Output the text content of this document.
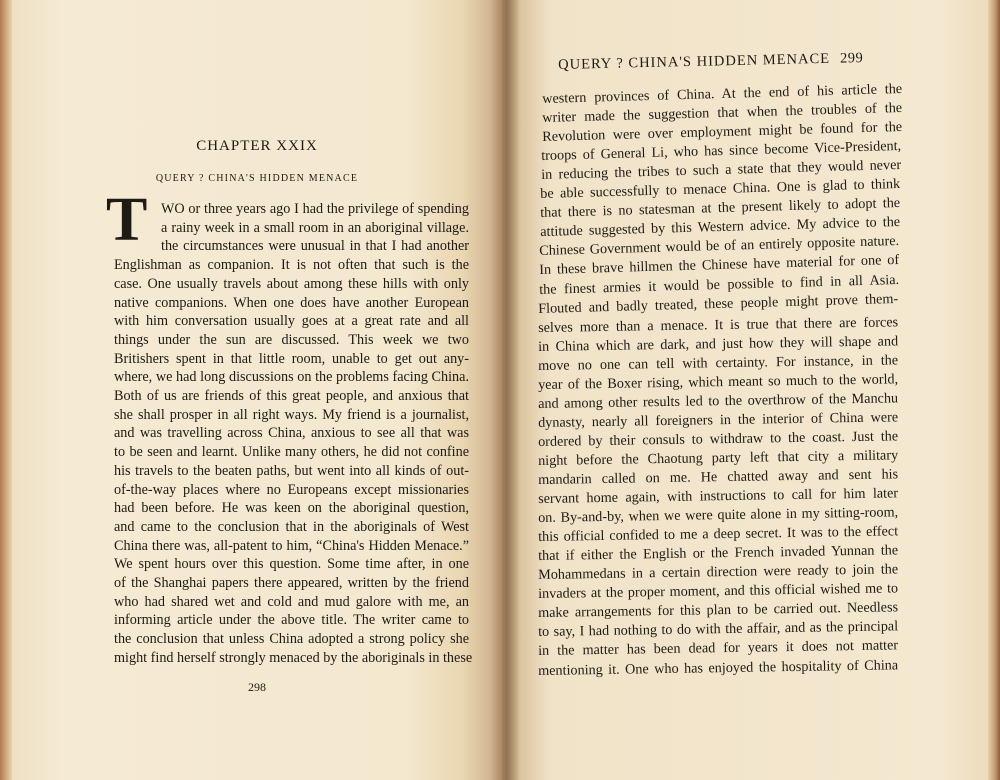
CHAPTER XXIX
QUERY ? CHINA'S HIDDEN MENACE
T WO or three years ago I had the privilege of spending
a rainy week in a small room in an aboriginal village.
the circumstances were unusual in that I had another
Englishman as companion. It is not often that such is the
case. One usually travels about among these hills with only
native companions. When one does have another European
with him conversation usually goes at a great rate and all
things under the sun are discussed. This week we two
Britishers spent in that little room, unable to get out any-
where, we had long discussions on the problems facing China.
Both of us are friends of this great people, and anxious that
she shall prosper in all right ways. My friend is a journalist,
and was travelling across China, anxious to see all that was
to be seen and learnt. Unlike many others, he did not confine
his travels to the beaten paths, but went into all kinds of out-
of-the-way places where no Europeans except missionaries
had been before. He was keen on the aboriginal question,
and came to the conclusion that in the aboriginals of West
China there was, all-patent to him, “China's Hidden Menace.”
We spent hours over this question. Some time after, in one
of the Shanghai papers there appeared, written by the friend
who had shared wet and cold and mud galore with me, an
informing article under the above title. The writer came to
the conclusion that unless China adopted a strong policy she
might find herself strongly menaced by the aboriginals in these
298
QUERY ? CHINA'S HIDDEN MENACE 299
western provinces of China. At the end of his article the
writer made the suggestion that when the troubles of the
Revolution were over employment might be found for the
troops of General Li, who has since become Vice-President,
in reducing the tribes to such a state that they would never
be able successfully to menace China. One is glad to think
that there is no statesman at the present likely to adopt the
attitude suggested by this Western advice. My advice to the
Chinese Government would be of an entirely opposite nature.
In these brave hillmen the Chinese have material for one of
the finest armies it would be possible to find in all Asia.
Flouted and badly treated, these people might prove them-
selves more than a menace. It is true that there are forces
in China which are dark, and just how they will shape and
move no one can tell with certainty. For instance, in the
year of the Boxer rising, which meant so much to the world,
and among other results led to the overthrow of the Manchu
dynasty, nearly all foreigners in the interior of China were
ordered by their consuls to withdraw to the coast. Just the
night before the Chaotung party left that city a military
mandarin called on me. He chatted away and sent his
servant home again, with instructions to call for him later
on. By-and-by, when we were quite alone in my sitting-room,
this official confided to me a deep secret. It was to the effect
that if either the English or the French invaded Yunnan the
Mohammedans in a certain direction were ready to join the
invaders at the proper moment, and this official wished me to
make arrangements for this plan to be carried out. Needless
to say, I had nothing to do with the affair, and as the principal
in the matter has been dead for years it does not matter
mentioning it. One who has enjoyed the hospitality of China
